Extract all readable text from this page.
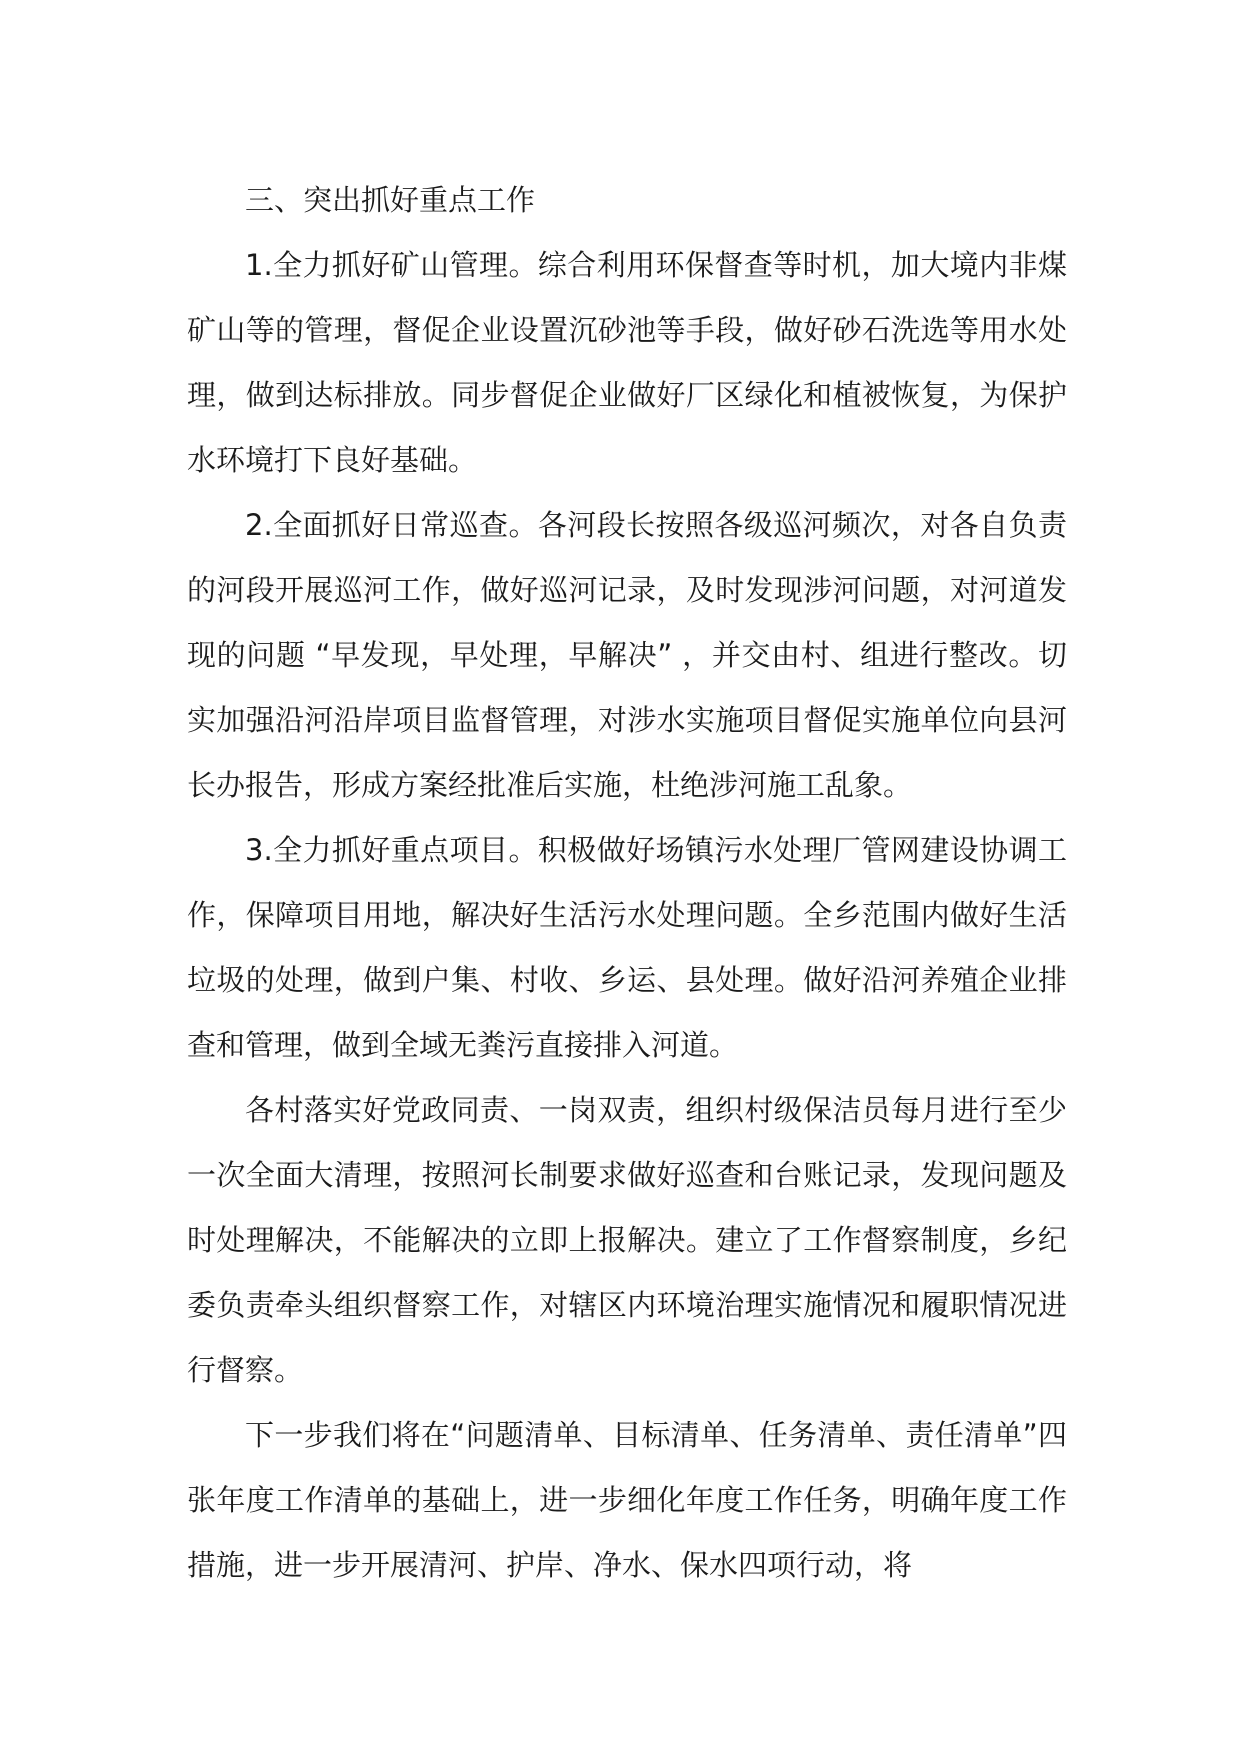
三、突出抓好重点工作

1.全力抓好矿山管理。综合利用环保督查等时机，加大境内非煤矿山等的管理，督促企业设置沉砂池等手段，做好砂石洗选等用水处理，做到达标排放。同步督促企业做好厂区绿化和植被恢复，为保护水环境打下良好基础。

2.全面抓好日常巡查。各河段长按照各级巡河频次，对各自负责的河段开展巡河工作，做好巡河记录，及时发现涉河问题，对河道发现的问题 “早发现，早处理，早解决” ，并交由村、组进行整改。切实加强沿河沿岸项目监督管理，对涉水实施项目督促实施单位向县河长办报告，形成方案经批准后实施，杜绝涉河施工乱象。

3.全力抓好重点项目。积极做好场镇污水处理厂管网建设协调工作，保障项目用地，解决好生活污水处理问题。全乡范围内做好生活垃圾的处理，做到户集、村收、乡运、县处理。做好沿河养殖企业排查和管理，做到全域无粪污直接排入河道。

各村落实好党政同责、一岗双责，组织村级保洁员每月进行至少一次全面大清理，按照河长制要求做好巡查和台账记录，发现问题及时处理解决，不能解决的立即上报解决。建立了工作督察制度，乡纪委负责牵头组织督察工作，对辖区内环境治理实施情况和履职情况进行督察。

下一步我们将在“问题清单、目标清单、任务清单、责任清单”四张年度工作清单的基础上，进一步细化年度工作任务，明确年度工作措施，进一步开展清河、护岸、净水、保水四项行动，将
